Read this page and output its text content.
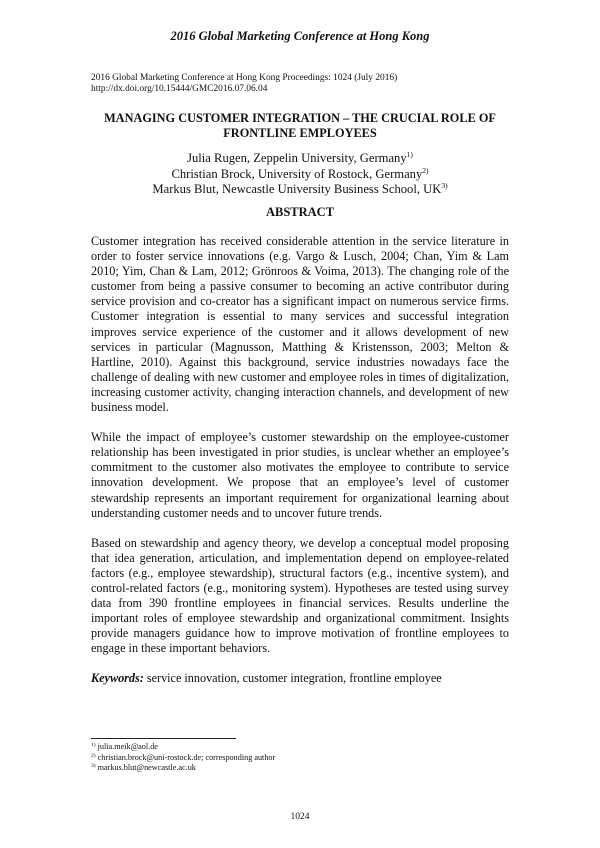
2016 Global Marketing Conference at Hong Kong
2016 Global Marketing Conference at Hong Kong Proceedings: 1024 (July 2016)
http://dx.doi.org/10.15444/GMC2016.07.06.04
MANAGING CUSTOMER INTEGRATION – THE CRUCIAL ROLE OF
FRONTLINE EMPLOYEES
Julia Rugen, Zeppelin University, Germany$^{1)}$
Christian Brock, University of Rostock, Germany$^{2)}$
Markus Blut, Newcastle University Business School, UK$^{3)}$
ABSTRACT

Customer integration has received considerable attention in the service literature in order to foster service innovations (e.g. Vargo & Lusch, 2004; Chan, Yim & Lam 2010; Yim, Chan & Lam, 2012; Grönroos & Voima, 2013). The changing role of the customer from being a passive consumer to becoming an active contributor during service provision and co-creator has a significant impact on numerous service firms. Customer integration is essential to many services and successful integration improves service experience of the customer and it allows development of new services in particular (Magnusson, Matthing & Kristensson, 2003; Melton & Hartline, 2010). Against this background, service industries nowadays face the challenge of dealing with new customer and employee roles in times of digitalization, increasing customer activity, changing interaction channels, and development of new business model.

While the impact of employee’s customer stewardship on the employee-customer relationship has been investigated in prior studies, is unclear whether an employee’s commitment to the customer also motivates the employee to contribute to service innovation development. We propose that an employee’s level of customer stewardship represents an important requirement for organizational learning about understanding customer needs and to uncover future trends.

Based on stewardship and agency theory, we develop a conceptual model proposing that idea generation, articulation, and implementation depend on employee-related factors (e.g., employee stewardship), structural factors (e.g., incentive system), and control-related factors (e.g., monitoring system). Hypotheses are tested using survey data from 390 frontline employees in financial services. Results underline the important roles of employee stewardship and organizational commitment. Insights provide managers guidance how to improve motivation of frontline employees to engage in these important behaviors.

Keywords: service innovation, customer integration, frontline employee

$^{1)}$ julia.meik@aol.de
$^{2)}$ christian.brock@uni-rostock.de; corresponding author
$^{3)}$ markus.blut@newcastle.ac.uk
1024
